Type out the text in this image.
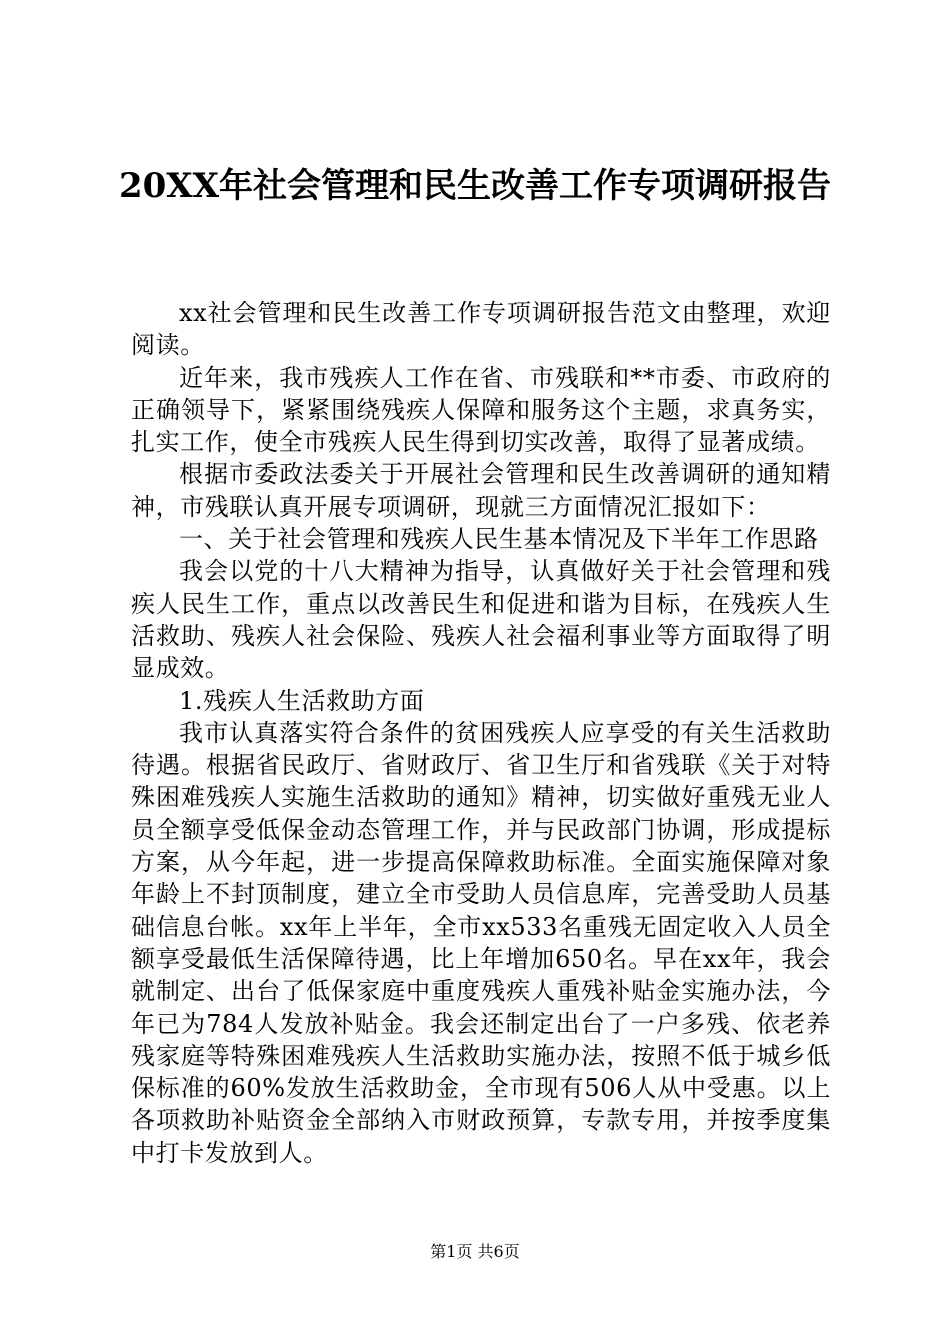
20XX年社会管理和民生改善工作专项调研报告

xx社会管理和民生改善工作专项调研报告范文由整理，欢迎阅读。

近年来，我市残疾人工作在省、市残联和**市委、市政府的正确领导下，紧紧围绕残疾人保障和服务这个主题，求真务实，扎实工作，使全市残疾人民生得到切实改善，取得了显著成绩。

根据市委政法委关于开展社会管理和民生改善调研的通知精神，市残联认真开展专项调研，现就三方面情况汇报如下：

一、关于社会管理和残疾人民生基本情况及下半年工作思路

我会以党的十八大精神为指导，认真做好关于社会管理和残疾人民生工作，重点以改善民生和促进和谐为目标，在残疾人生活救助、残疾人社会保险、残疾人社会福利事业等方面取得了明显成效。

1.残疾人生活救助方面

我市认真落实符合条件的贫困残疾人应享受的有关生活救助待遇。根据省民政厅、省财政厅、省卫生厅和省残联《关于对特殊困难残疾人实施生活救助的通知》精神，切实做好重残无业人员全额享受低保金动态管理工作，并与民政部门协调，形成提标方案，从今年起，进一步提高保障救助标准。全面实施保障对象年龄上不封顶制度，建立全市受助人员信息库，完善受助人员基础信息台帐。xx年上半年，全市xx533名重残无固定收入人员全额享受最低生活保障待遇，比上年增加650名。早在xx年，我会就制定、出台了低保家庭中重度残疾人重残补贴金实施办法，今年已为784人发放补贴金。我会还制定出台了一户多残、依老养残家庭等特殊困难残疾人生活救助实施办法，按照不低于城乡低保标准的60%发放生活救助金，全市现有506人从中受惠。以上各项救助补贴资金全部纳入市财政预算，专款专用，并按季度集中打卡发放到人。

第1页 共6页
